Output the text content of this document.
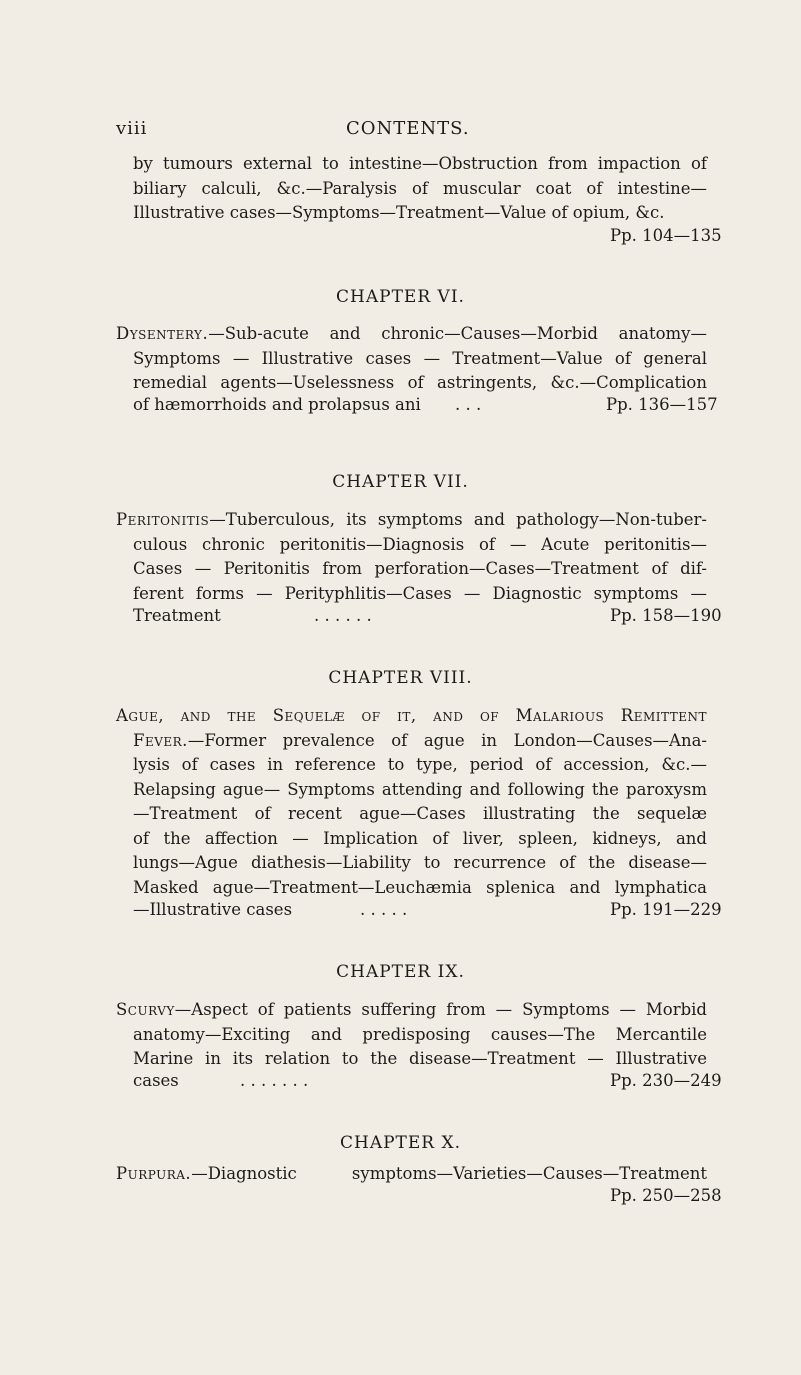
viii	CONTENTS.
by tumours external to intestine—Obstruction from impaction of
biliary calculi, &c.—Paralysis of muscular coat of intestine—
Illustrative cases—Symptoms—Treatment—Value of opium, &c.
Pp. 104—135
CHAPTER VI.
Dysentery.—Sub-acute and chronic—Causes—Morbid anatomy—
Symptoms — Illustrative cases — Treatment—Value of general
remedial agents—Uselessness of astringents, &c.—Complication
of hæmorrhoids and prolapsus ani . . .	Pp. 136—157
CHAPTER VII.
Peritonitis—Tuberculous, its symptoms and pathology—Non-tuber-
culous chronic peritonitis—Diagnosis of — Acute peritonitis—
Cases — Peritonitis from perforation—Cases—Treatment of dif-
ferent forms — Perityphlitis—Cases — Diagnostic symptoms —
Treatment	. . . . . .	Pp. 158—190
CHAPTER VIII.
Ague, and the Sequelæ of it, and of Malarious Remittent
Fever.—Former prevalence of ague in London—Causes—Ana-
lysis of cases in reference to type, period of accession, &c.—
Relapsing ague— Symptoms attending and following the paroxysm
—Treatment of recent ague—Cases illustrating the sequelæ
of the affection — Implication of liver, spleen, kidneys, and
lungs—Ague diathesis—Liability to recurrence of the disease—
Masked ague—Treatment—Leuchæmia splenica and lymphatica
—Illustrative cases	. . . . .	Pp. 191—229
CHAPTER IX.
Scurvy—Aspect of patients suffering from — Symptoms — Morbid
anatomy—Exciting and predisposing causes—The Mercantile
Marine in its relation to the disease—Treatment — Illustrative
cases	. . . . . . .	Pp. 230—249
CHAPTER X.
Purpura.—Diagnostic symptoms—Varieties—Causes—Treatment
Pp. 250—258
